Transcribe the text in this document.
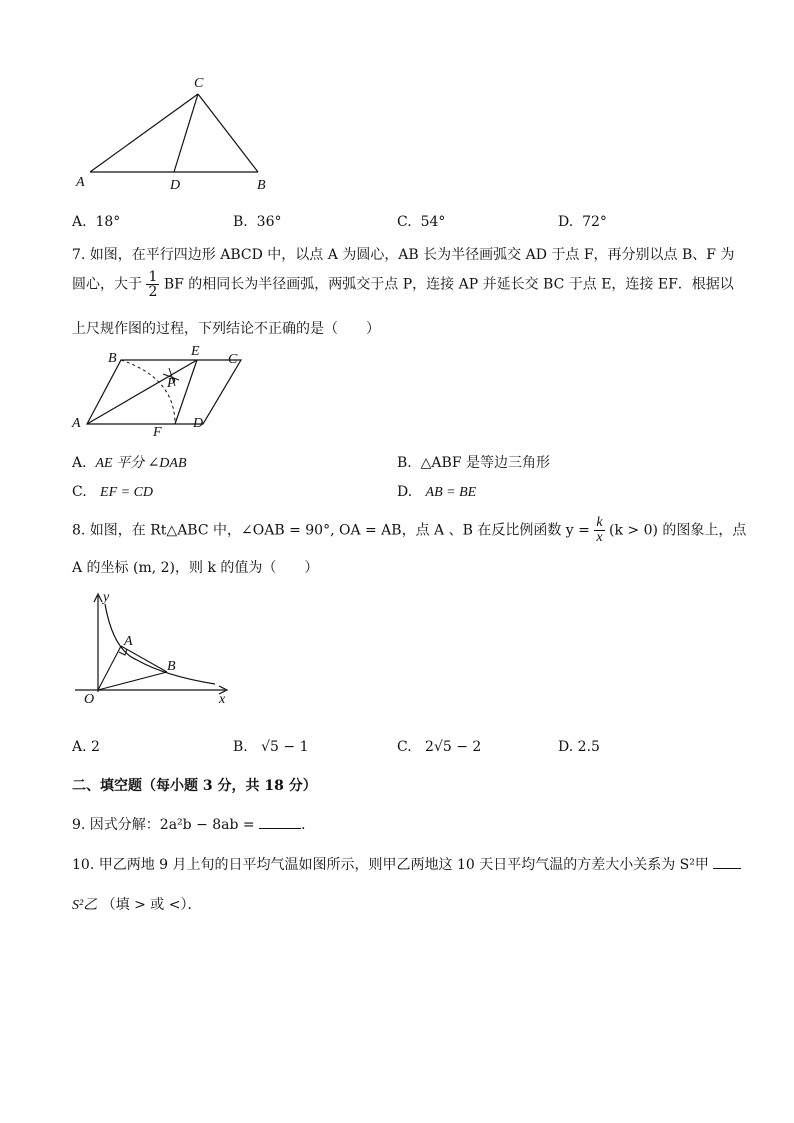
C
A	D	B
A. 18°	B. 36°	C. 54°	D. 72°
7. 如图，在平行四边形 ABCD 中，以点 A 为圆心，AB 长为半径画弧交 AD 于点 F，再分别以点 B、F 为
圆心，大于 $\frac{1}{2}$ BF 的相同长为半径画弧，两弧交于点 P，连接 AP 并延长交 BC 于点 E，连接 EF．根据以
上尺规作图的过程，下列结论不正确的是（　　）
B	E
C
P
A
F
D
A. AE 平分 ∠DAB	B. △ABF 是等边三角形
C. EF = CD	D. AB = BE
8. 如图，在 Rt△ABC 中，∠OAB = 90°, OA = AB，点 A 、B 在反比例函数 $y = \frac{k}{x} (k > 0)$ 的图象上，点
A 的坐标 (m, 2)，则 k 的值为（　　）
y
A
B
O	x
A. 2	B. √5 − 1	C. 2√5 − 2	D. 2.5
二、填空题（每小题 3 分，共 18 分）
9. 因式分解：2a²b − 8ab =	．
10. 甲乙两地 9 月上旬的日平均气温如图所示，则甲乙两地这 10 天日平均气温的方差大小关系为 S²甲
S²乙 （填 > 或 <）．
